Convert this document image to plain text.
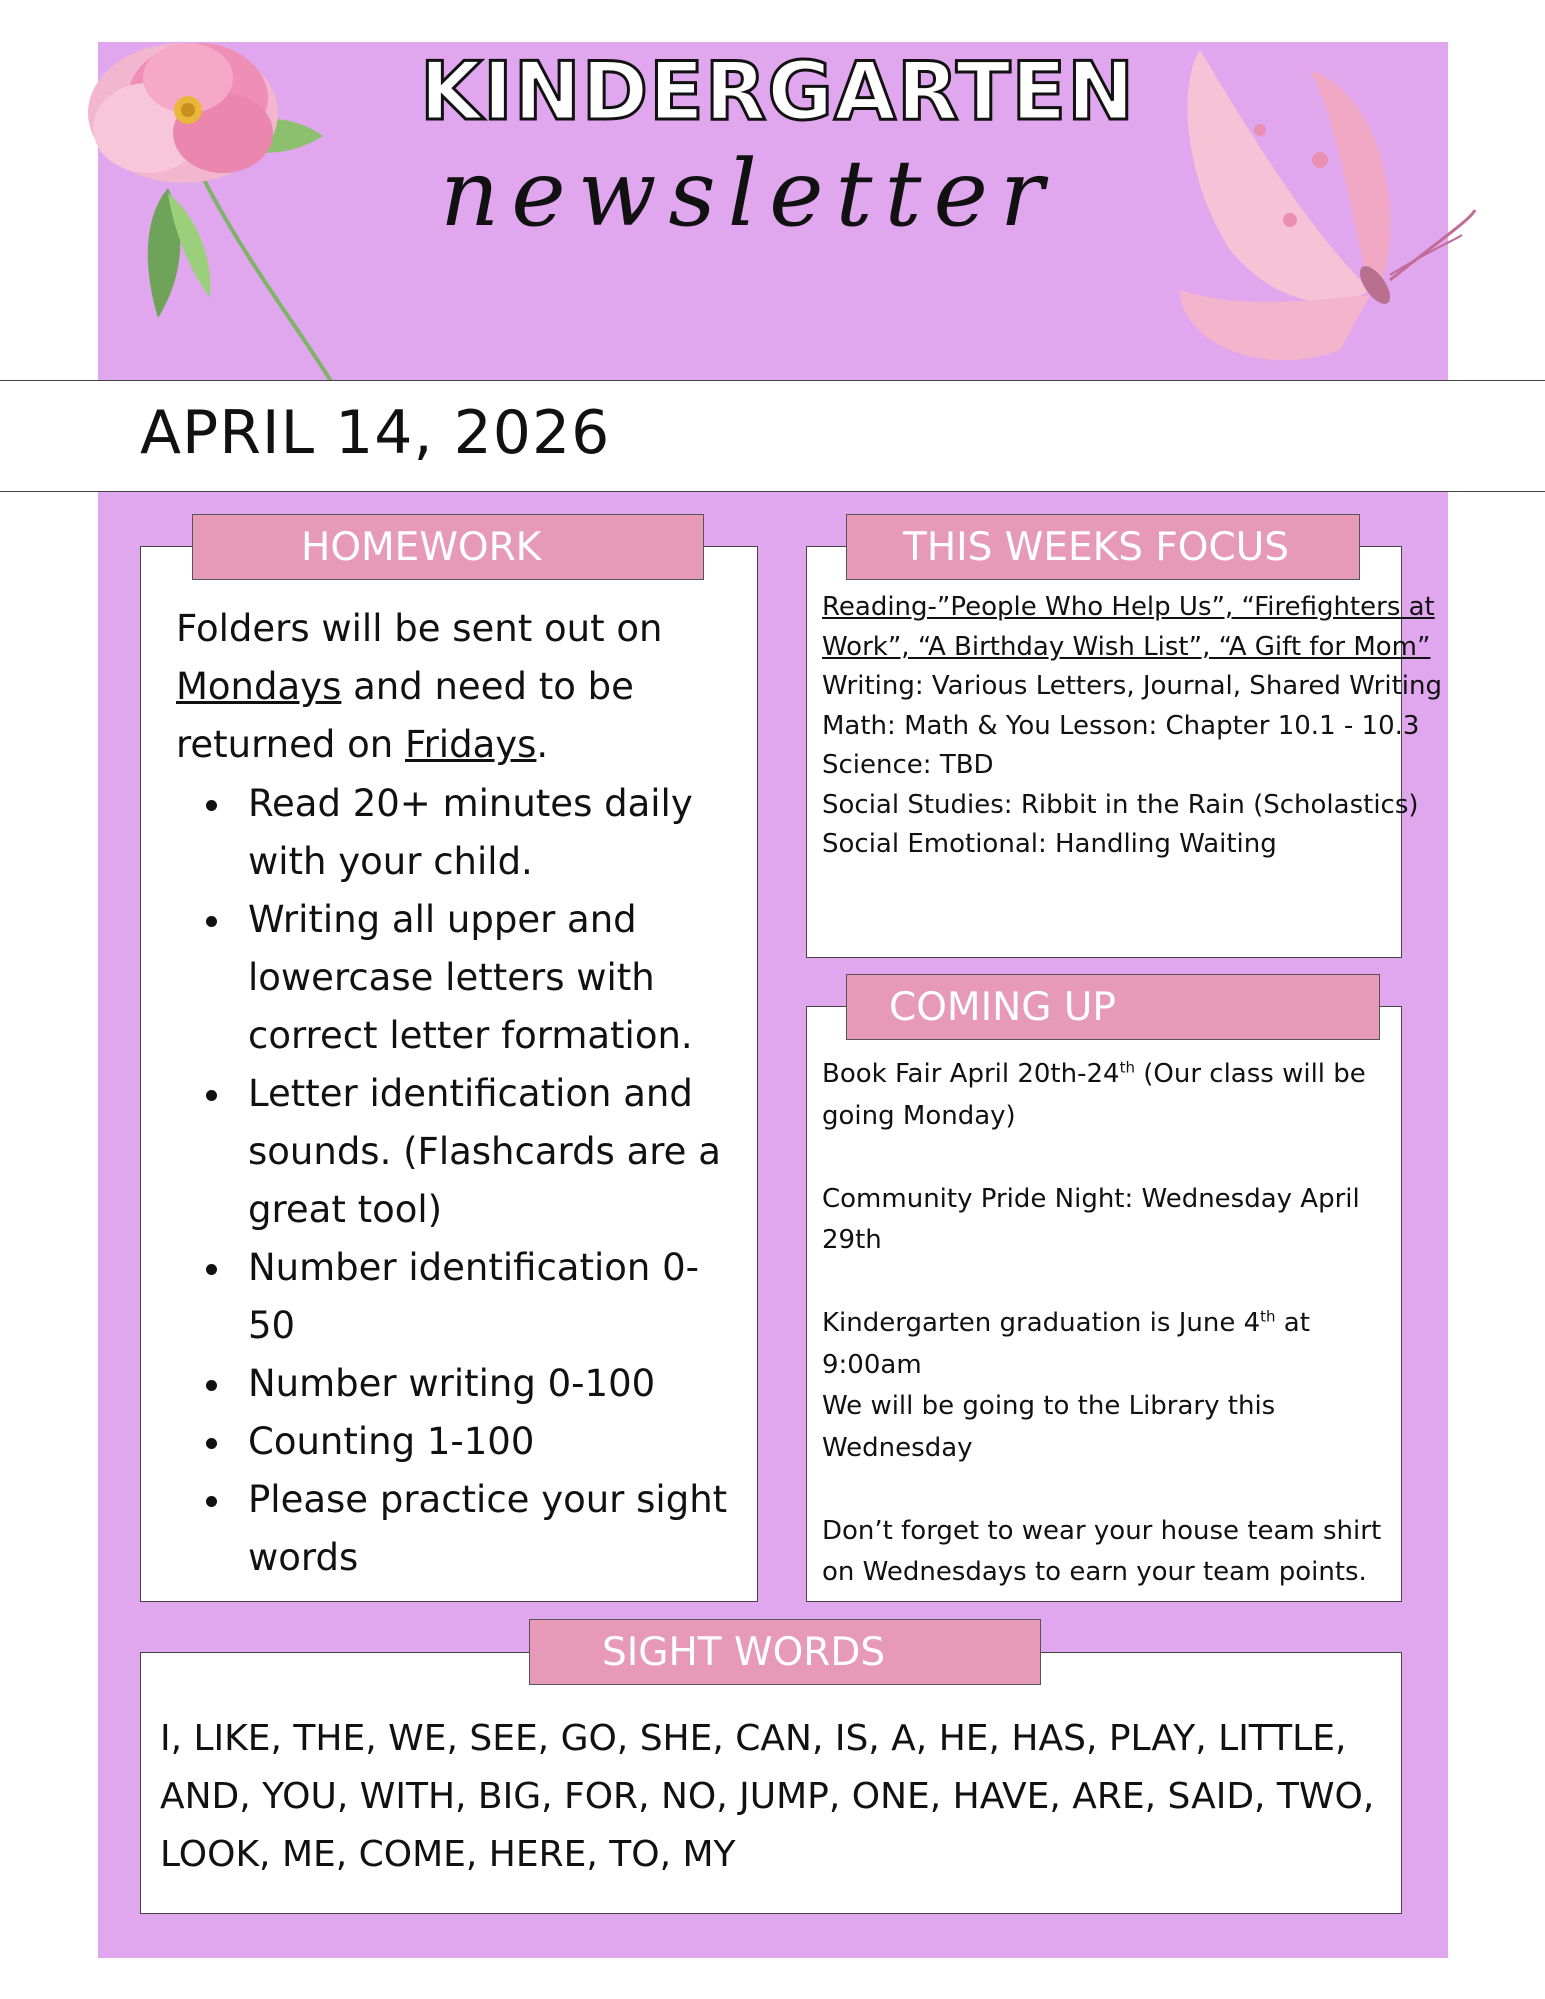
KINDERGARTEN
newsletter
APRIL 14, 2026
HOMEWORK
Folders will be sent out on Mondays and need to be returned on Fridays.
Read 20+ minutes daily with your child.
Writing all upper and lowercase letters with correct letter formation.
Letter identification and sounds. (Flashcards are a great tool)
Number identification 0-50
Number writing 0-100
Counting 1-100
Please practice your sight words
THIS WEEKS FOCUS
Reading-”People Who Help Us”, “Firefighters at
Work”, “A Birthday Wish List”, “A Gift for Mom”
Writing: Various Letters, Journal, Shared Writing
Math: Math & You Lesson: Chapter 10.1 - 10.3
Science: TBD
Social Studies: Ribbit in the Rain (Scholastics)
Social Emotional: Handling Waiting
COMING UP

Book Fair April 20th-24th (Our class will be going Monday)

Community Pride Night: Wednesday April 29th

Kindergarten graduation is June 4th at 9:00am

We will be going to the Library this Wednesday

Don’t forget to wear your house team shirt on Wednesdays to earn your team points.

SIGHT WORDS
I, LIKE, THE, WE, SEE, GO, SHE, CAN, IS, A, HE, HAS, PLAY, LITTLE, AND, YOU, WITH, BIG, FOR, NO, JUMP, ONE, HAVE, ARE, SAID, TWO, LOOK, ME, COME, HERE, TO, MY
